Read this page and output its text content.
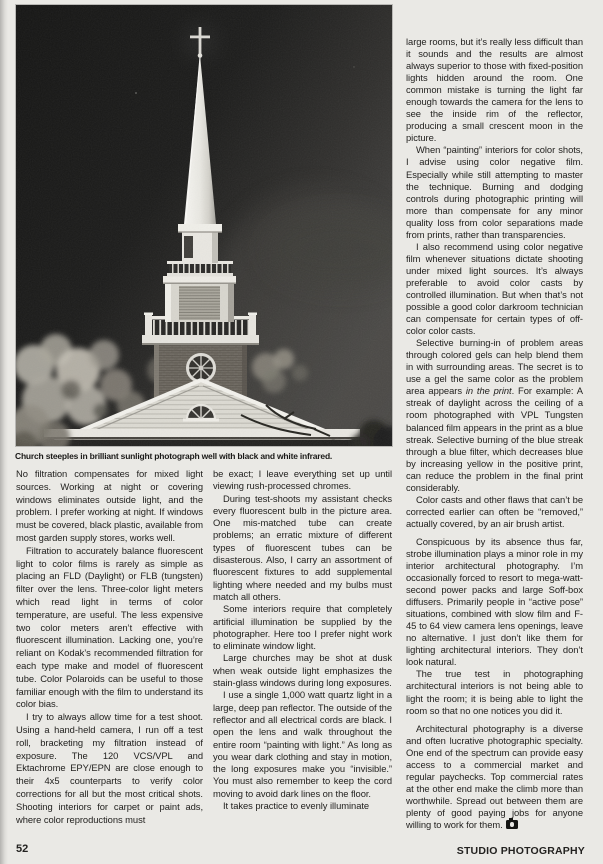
Church steeples in brilliant sunlight photograph well with black and white infrared.

No filtration compensates for mixed light sources. Working at night or covering windows eliminates outside light, and the problem. I prefer working at night. If windows must be covered, black plastic, available from most garden supply stores, works well.

Filtration to accurately balance fluorescent light to color films is rarely as simple as placing an FLD (Daylight) or FLB (tungsten) filter over the lens. Three-color light meters which read light in terms of color temperature, are useful. The less expensive two color meters aren’t effective with fluorescent illumination. Lacking one, you’re reliant on Kodak’s recommended filtration for each type make and model of fluorescent tube. Color Polaroids can be useful to those familiar enough with the film to understand its color bias.

I try to always allow time for a test shoot. Using a hand-held camera, I run off a test roll, bracketing my filtration instead of exposure. The 120 VCS/VPL and Ektachrome EPY/EPN are close enough to their 4x5 counterparts to verify color corrections for all but the most critical shots. Shooting interiors for carpet or paint ads, where color reproductions must

be exact; I leave everything set up until viewing rush-processed chromes.

During test-shoots my assistant checks every fluorescent bulb in the picture area. One mis-matched tube can create problems; an erratic mixture of different types of fluorescent tubes can be disasterous. Also, I carry an assortment of fluorescent fixtures to add supplemental lighting where needed and my bulbs must match all others.

Some interiors require that completely artificial illumination be supplied by the photographer. Here too I prefer night work to eliminate window light.

Large churches may be shot at dusk when weak outside light emphasizes the stain-glass windows during long exposures.

I use a single 1,000 watt quartz light in a large, deep pan reflector. The outside of the reflector and all electrical cords are black. I open the lens and walk throughout the entire room “painting with light.” As long as you wear dark clothing and stay in motion, the long exposures make you “invisible.” You must also remember to keep the cord moving to avoid dark lines on the floor.

It takes practice to evenly illuminate

large rooms, but it’s really less difficult than it sounds and the results are almost always superior to those with fixed-position lights hidden around the room. One common mistake is turning the light far enough towards the camera for the lens to see the inside rim of the reflector, producing a small crescent moon in the picture.

When “painting” interiors for color shots, I advise using color negative film. Especially while still attempting to master the technique. Burning and dodging controls during photographic printing will more than compensate for any minor quality loss from color separations made from prints, rather than transparencies.

I also recommend using color negative film whenever situations dictate shooting under mixed light sources. It’s always preferable to avoid color casts by controlled illumination. But when that’s not possible a good color darkroom technician can compensate for certain types of off-color color casts.

Selective burning-in of problem areas through colored gels can help blend them in with surrounding areas. The secret is to use a gel the same color as the problem area appears in the print. For example: A streak of daylight across the ceiling of a room photographed with VPL Tungsten balanced film appears in the print as a blue streak. Selective burning of the blue streak through a blue filter, which decreases blue by increasing yellow in the positive print, can reduce the problem in the final print considerably.

Color casts and other flaws that can’t be corrected earlier can often be “removed,” actually covered, by an air brush artist.

Conspicuous by its absence thus far, strobe illumination plays a minor role in my interior architectural photography. I’m occasionally forced to resort to mega-watt-second power packs and large Soff-box diffusers. Primarily people in “active pose” situations, combined with slow film and F-45 to 64 view camera lens openings, leave no alternative. I just don’t like them for lighting architectural interiors. They don’t look natural.

The true test in photographing architectural interiors is not being able to light the room; it is being able to light the room so that no one notices you did it.

Architectural photography is a diverse and often lucrative photographic specialty. One end of the spectrum can provide easy access to a commercial market and regular paychecks. Top commercial rates at the other end make the climb more than worthwhile. Spread out between them are plenty of good paying jobs for anyone willing to work for them.

52	STUDIO PHOTOGRAPHY
